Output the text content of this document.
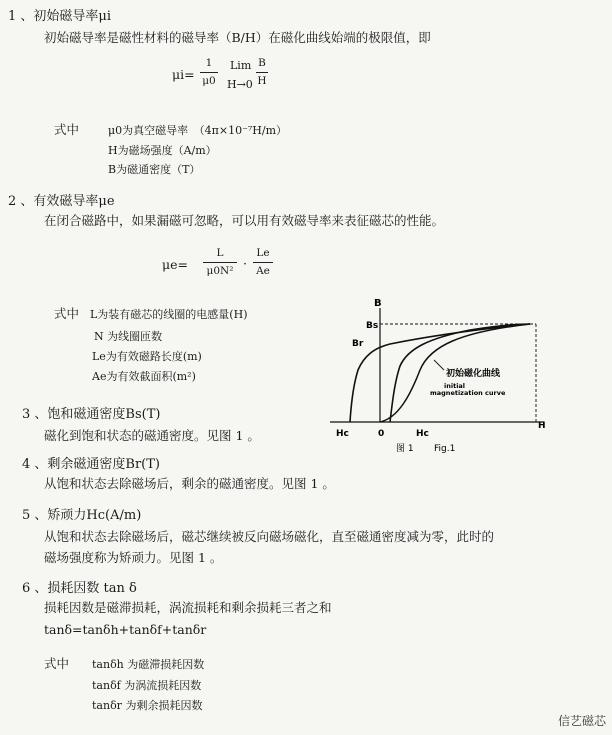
1 、初始磁导率μi
初始磁导率是磁性材料的磁导率（B/H）在磁化曲线始端的极限值，即
μi=
1
μ0
Lim
H→0
B
H
式中	μ0为真空磁导率　（4π×10⁻⁷H/m）
H为磁场强度（A/m）
B为磁通密度（T）
2 、有效磁导率μe
在闭合磁路中，如果漏磁可忽略，可以用有效磁导率来表征磁芯的性能。
μe=
L
μ0N² ·
Le
Ae
式中 L为装有磁芯的线圈的电感量(H)
N 为线圈匝数
Le为有效磁路长度(m)
Ae为有效截面积(m²)
B
Bs
Br
初始磁化曲线
initial
magnetization curve
Hc	0	Hc
H
图 1 Fig.1
3 、饱和磁通密度Bs(T)
磁化到饱和状态的磁通密度。见图 1 。
4 、剩余磁通密度Br(T)
从饱和状态去除磁场后，剩余的磁通密度。见图 1 。
5 、矫顽力Hc(A/m)
从饱和状态去除磁场后，磁芯继续被反向磁场磁化，直至磁通密度减为零，此时的
磁场强度称为矫顽力。见图 1 。
6 、损耗因数 tan δ
损耗因数是磁滞损耗，涡流损耗和剩余损耗三者之和
tanδ=tanδh+tanδf+tanδr
式中 tanδh 为磁滞损耗因数
tanδf 为涡流损耗因数
tanδr 为剩余损耗因数
信艺磁芯
